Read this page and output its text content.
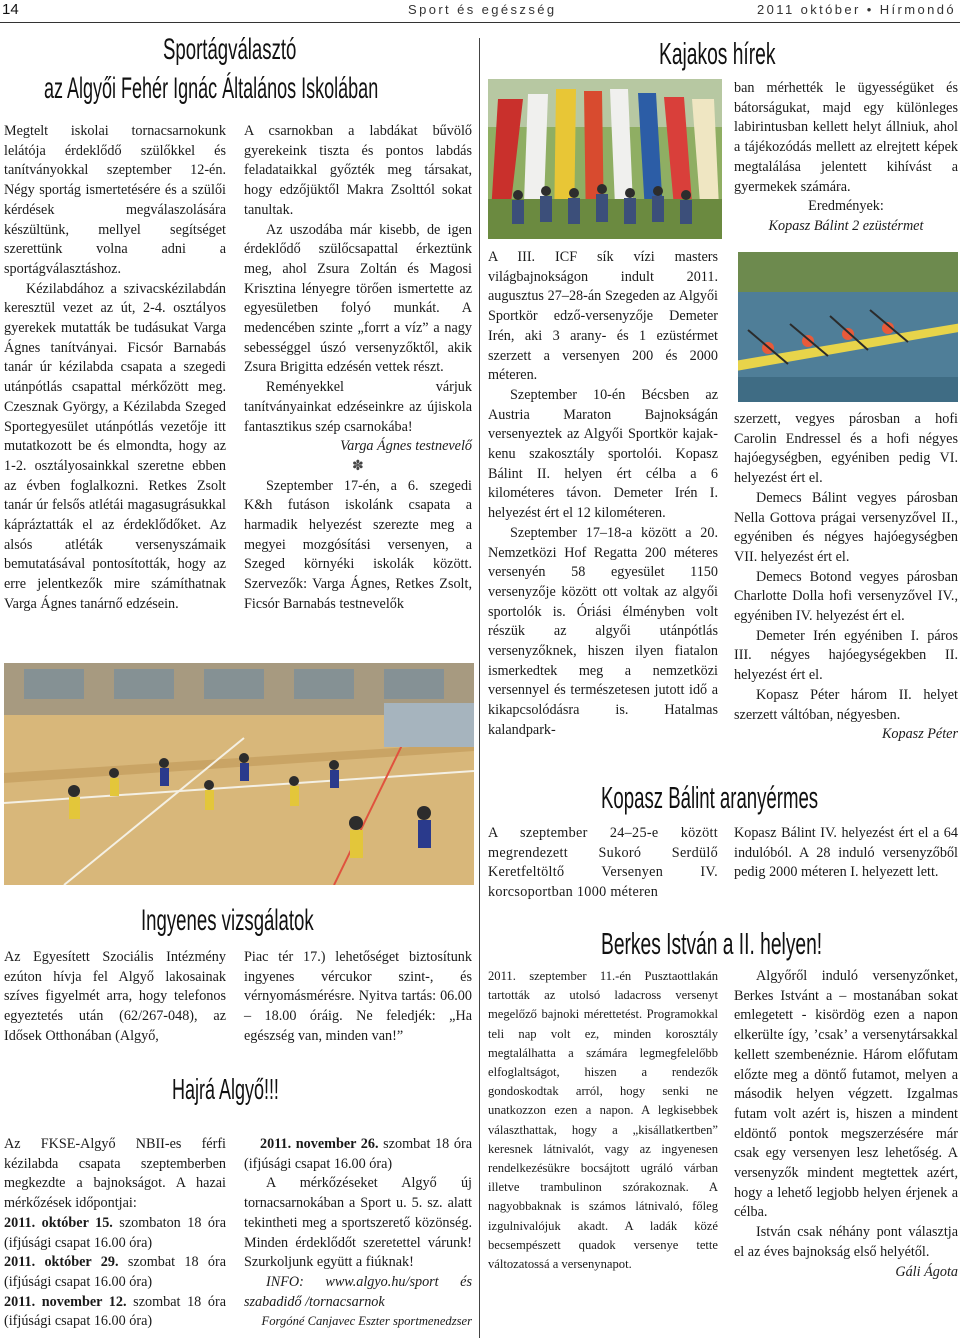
14	Sport és egészség	2011 október • Hírmondó
Sportágválasztó
az Algyői Fehér Ignác Általános Iskolában

Megtelt iskolai tornacsarnokunk lelátója érdeklődő szülőkkel és tanítványokkal szeptember 12-én. Négy sportág ismertetésére és a szülői kérdések megválaszolására készültünk, mellyel segítséget szerettünk volna adni a sportágválasztáshoz.

Kézilabdához a szivacskézilabdán keresztül vezet az út, 2-4. osztályos gyerekek mutatták be tudásukat Varga Ágnes tanítványai. Ficsór Barnabás tanár úr kézilabda csapata a szegedi utánpótlás csapattal mérkőzött meg. Czesznak György, a Kézilabda Szeged Sportegyesület utánpótlás vezetője itt mutatkozott be és elmondta, hogy az 1-2. osztályosainkkal szeretne ebben az évben foglalkozni. Retkes Zsolt tanár úr felsős atlétái magasugrásukkal kápráztatták el az érdeklődőket. Az alsós atléták versenyszámaik bemutatásával pontosították, hogy az erre jelentkezők mire számíthatnak Varga Ágnes tanárnő edzésein.

A csarnokban a labdákat bűvölő gyerekeink tiszta és pontos labdás feladataikkal győzték meg társakat, hogy edzőjüktől Makra Zsolttól sokat tanultak.

Az uszodába már kisebb, de igen érdeklődő szülőcsapattal érkeztünk meg, ahol Zsura Zoltán és Magosi Krisztina lényegre törően ismertette az egyesületben folyó munkát. A medencében szinte „forrt a víz” a nagy sebességgel úszó versenyzőktől, akik Zsura Brigitta edzésén vettek részt.

Reményekkel várjuk tanítványainkat edzéseinkre az újiskola fantasztikus szép csarnokába!

Varga Ágnes testnevelő

✽

Szeptember 17-én, a 6. szegedi K&h futáson iskolánk csapata a harmadik helyezést szerezte meg a megyei mozgósítási versenyen, a Szeged környéki iskolák között. Szervezők: Varga Ágnes, Retkes Zsolt, Ficsór Barnabás testnevelők

Ingyenes vizsgálatok

Az Egyesített Szociális Intézmény ezúton hívja fel Algyő lakosainak szíves figyelmét arra, hogy telefonos egyeztetés után (62/267-048), az Idősek Otthonában (Algyő,

Piac tér 17.) lehetőséget biztosítunk ingyenes vércukor szint-, és vérnyomásmérésre. Nyitva tartás: 06.00 – 18.00 óráig. Ne feledjék: „Ha egészség van, minden van!”

Hajrá Algyő!!!

Az FKSE-Algyő NBII-es férfi kézilabda csapata szeptemberben megkezdte a bajnokságot. A hazai mérkőzések időpontjai:

2011. október 15. szombaton 18 óra (ifjúsági csapat 16.00 óra)

2011. október 29. szombat 18 óra (ifjúsági csapat 16.00 óra)

2011. november 12. szombat 18 óra (ifjúsági csapat 16.00 óra)

2011. november 26. szombat 18 óra (ifjúsági csapat 16.00 óra)

A mérkőzéseket Algyő új tornacsarnokában a Sport u. 5. sz. alatt tekintheti meg a sportszerető közönség. Minden érdeklődőt szeretettel várunk! Szurkoljunk együtt a fiúknak!

INFO: www.algyo.hu/sport és szabadidő /tornacsarnok

Forgóné Canjavec Eszter sportmenedzser

Kajakos hírek

A III. ICF sík vízi masters világbajnokságon indult 2011. augusztus 27–28-án Szegeden az Algyői Sportkör edző-versenyzője Demeter Irén, aki 3 arany- és 1 ezüstérmet szerzett a versenyen 200 és 2000 méteren.

Szeptember 10-én Bécsben az Austria Maraton Bajnokságán versenyeztek az Algyői Sportkör kajak-kenu szakosztály sportolói. Kopasz Bálint II. helyen ért célba a 6 kilométeres távon. Demeter Irén I. helyezést ért el 12 kilométeren.

Szeptember 17–18-a között a 20. Nemzetközi Hof Regatta 200 méteres versenyén 58 egyesület 1150 versenyzője között ott voltak az algyői sportolók is. Óriási élményben volt részük az algyői utánpótlás versenyzőknek, hiszen ilyen fiatalon ismerkedtek meg a nemzetközi versennyel és természetesen jutott idő a kikapcsolódásra is. Hatalmas kalandpark-

ban mérhették le ügyességüket és bátorságukat, majd egy különleges labirintusban kellett helyt állniuk, ahol a tájékozódás mellett az elrejtett képek megtalálása jelentett kihívást a gyermekek számára.

Eredmények:

Kopasz Bálint 2 ezüstérmet

szerzett, vegyes párosban a hofi Carolin Endressel és a hofi négyes hajóegységben, egyéniben pedig VI. helyezést ért el.

Demecs Bálint vegyes párosban Nella Gottova prágai versenyzővel II., egyéniben és négyes hajóegységben VII. helyezést ért el.

Demecs Botond vegyes párosban Charlotte Dolla hofi versenyzővel IV., egyéniben IV. helyezést ért el.

Demeter Irén egyéniben I. páros III. négyes hajóegységekben II. helyezést ért el.

Kopasz Péter három II. helyet szerzett váltóban, négyesben.

Kopasz Péter

Kopasz Bálint aranyérmes

A szeptember 24–25-e között megrendezett Sukoró Serdülő Keretfeltöltő Versenyen IV. korcsoportban 1000 méteren

Kopasz Bálint IV. helyezést ért el a 64 indulóból. A 28 induló versenyzőből pedig 2000 méteren I. helyezett lett.

Berkes István a II. helyen!

2011. szeptember 11.-én Pusztaottlakán tartották az utolsó ladacross versenyt megelőző bajnoki mérettetést. Programokkal teli nap volt ez, minden korosztály megtalálhatta a számára legmegfelelőbb elfoglaltságot, hiszen a rendezők gondoskodtak arról, hogy senki ne unatkozzon ezen a napon. A legkisebbek választhattak, hogy a „kisállatkertben” keresnek látnivalót, vagy az ingyenesen rendelkezésükre bocsájtott ugráló várban illetve trambulinon szórakoznak. A nagyobbaknak is számos látnivaló, főleg izgulnivalójuk akadt. A ladák közé becsempészett quadok versenye tette változatossá a versenynapot.

Algyőről induló versenyzőnket, Berkes Istvánt a – mostanában sokat emlegetett - kisördög ezen a napon elkerülte így, ’csak’ a versenytársakkal kellett szembenéznie. Három előfutam előzte meg a döntő futamot, melyen a második helyen végzett. Izgalmas futam volt azért is, hiszen a mindent eldöntő pontok megszerzésére már csak egy versenyen lesz lehetőség. A versenyzők mindent megtettek azért, hogy a lehető legjobb helyen érjenek a célba.

István csak néhány pont választja el az éves bajnokság első helyétől.

Gáli Ágota
